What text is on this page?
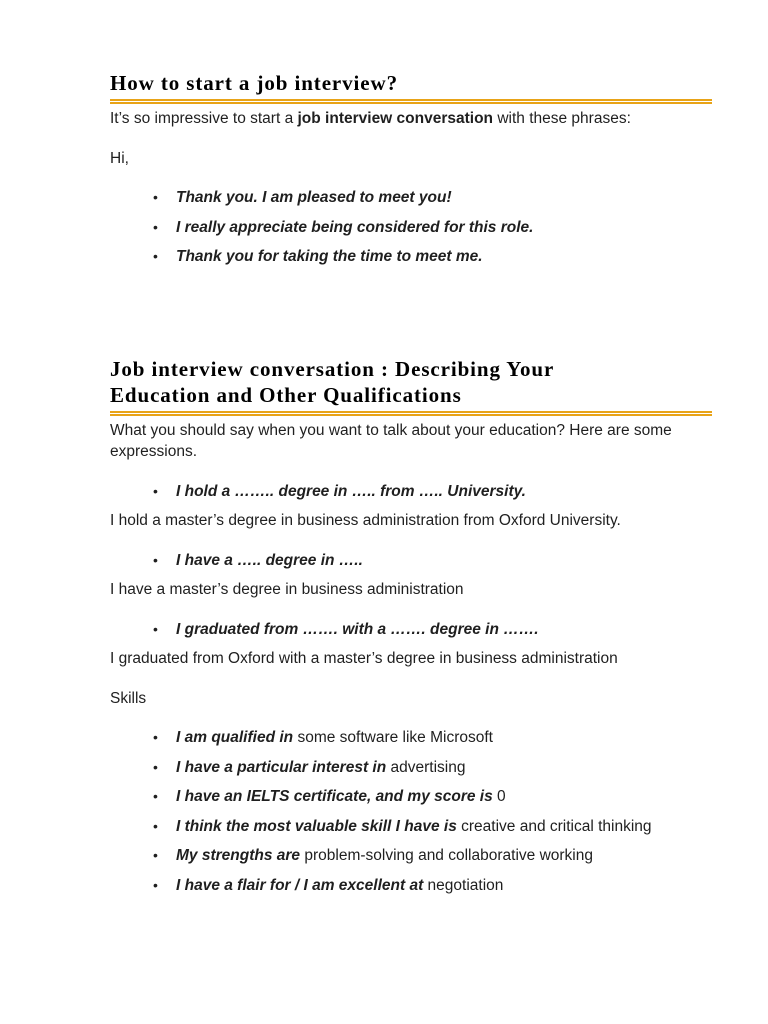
How to start a job interview?

It’s so impressive to start a job interview conversation with these phrases:

Hi,

• Thank you. I am pleased to meet you!
• I really appreciate being considered for this role.
• Thank you for taking the time to meet me.
Job interview conversation : Describing Your
Education and Other Qualifications

What you should say when you want to talk about your education? Here are some expressions.

• I hold a …….. degree in ….. from ….. University.

I hold a master’s degree in business administration from Oxford University.

• I have a ….. degree in …..

I have a master’s degree in business administration

• I graduated from ……. with a ……. degree in …….

I graduated from Oxford with a master’s degree in business administration

Skills

• I am qualified in some software like Microsoft
• I have a particular interest in advertising
• I have an IELTS certificate, and my score is 0
• I think the most valuable skill I have is creative and critical thinking
• My strengths are problem-solving and collaborative working
• I have a flair for / I am excellent at negotiation
